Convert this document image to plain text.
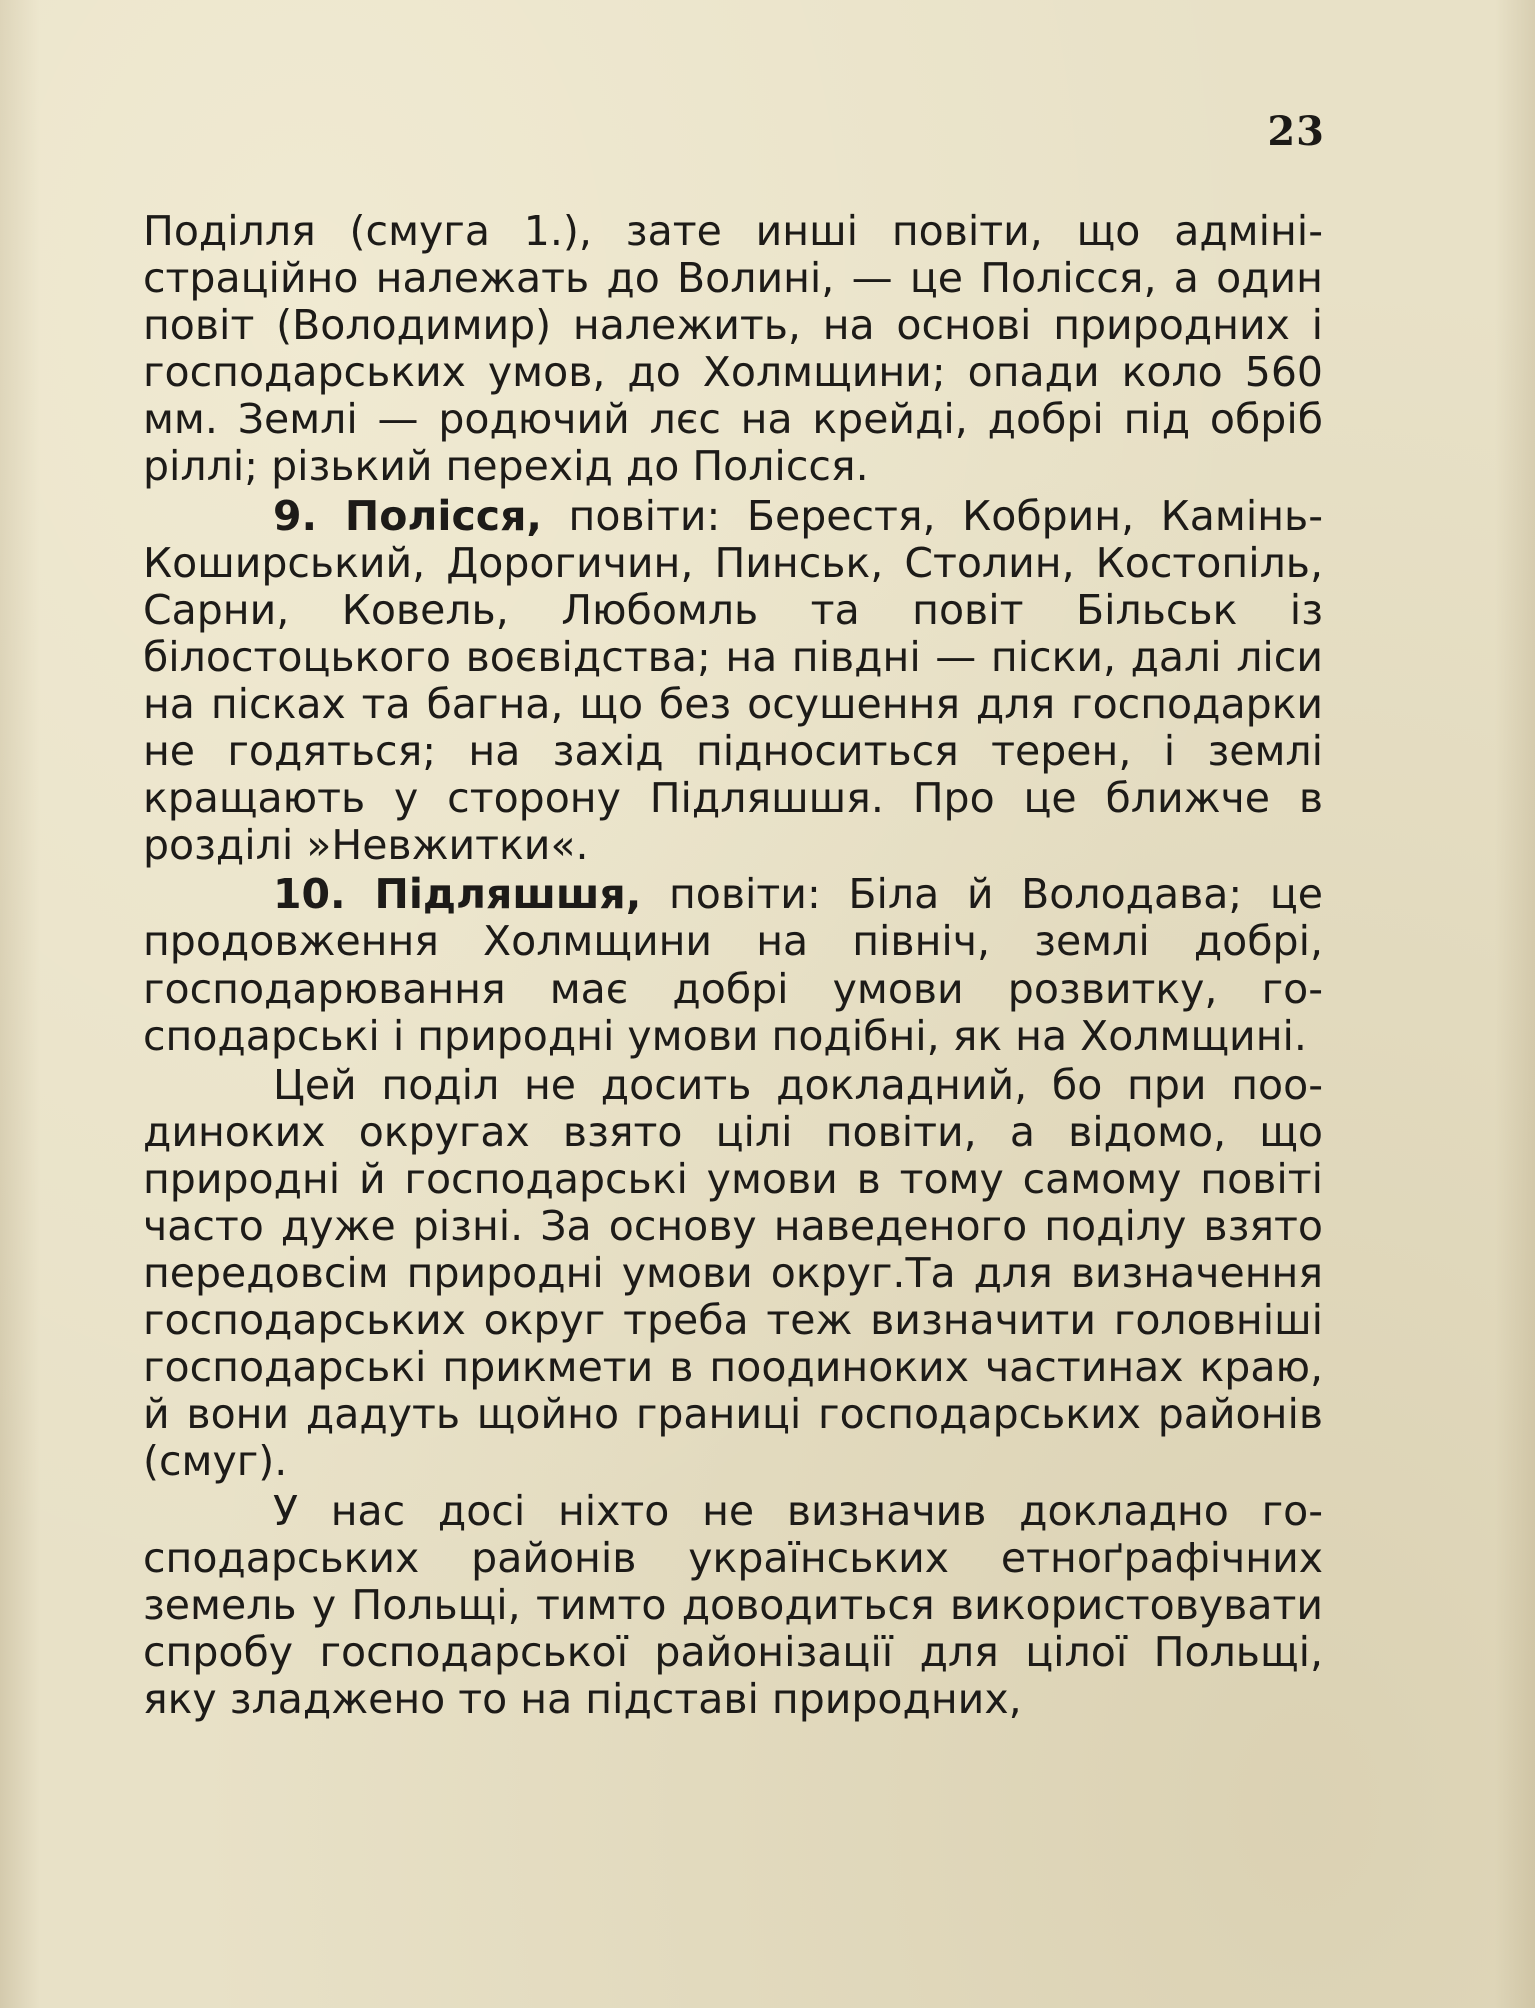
23

Поділля (смуга 1.), зате инші повіти, що адміністраційно належать до Волині, — це Полісся, а один повіт (Володимир) належить, на основі природних і господарських умов, до Холмщини; опади коло 560 мм. Землі — родючий лєс на крейді, добрі під обріб ріллі; різький перехід до Полісся.

9. Полісся, повіти: Берестя, Кобрин, Камінь-Коширський, Дорогичин, Пинськ, Столин, Костопіль, Сарни, Ковель, Любомль та повіт Більськ із білостоцького воєвідства; на півдні — піски, далі ліси на пісках та багна, що без осушення для господарки не годяться; на захід підноситься терен, і землі кращають у сторону Підляшшя. Про це ближче в розділі »Невжитки«.

10. Підляшшя, повіти: Біла й Володава; це продовження Холмщини на північ, землі добрі, господарювання має добрі умови розвитку, господарські і природні умови подібні, як на Холмщині.

Цей поділ не досить докладний, бо при поодиноких округах взято цілі повіти, а відомо, що природні й господарські умови в тому самому повіті часто дуже різні. За основу наведеного поділу взято передовсім природні умови округ.Та для визначення господарських округ треба теж визначити головніші господарські прикмети в поодиноких частинах краю, й вони дадуть щойно границі господарських районів (смуг).

У нас досі ніхто не визначив докладно господарських районів українських етноґрафічних земель у Польщі, тимто доводиться використовувати спробу господарської районізації для цілої Польщі, яку зладжено то на підставі природних,
